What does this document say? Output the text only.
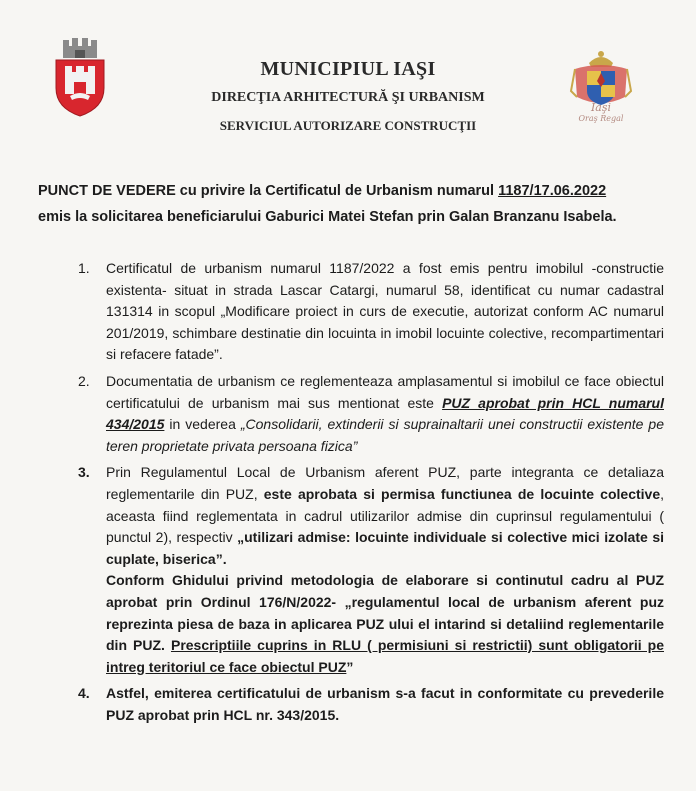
MUNICIPIUL IAŞI
DIRECŢIA ARHITECTURĂ ŞI URBANISM
SERVICIUL AUTORIZARE CONSTRUCŢII
Iaşi
Oraş Regal
PUNCT DE VEDERE cu privire la Certificatul de Urbanism numarul 1187/17.06.2022
emis la solicitarea beneficiarului Gaburici Matei Stefan prin Galan Branzanu Isabela.
1. Certificatul de urbanism numarul 1187/2022 a fost emis pentru imobilul -constructie existenta- situat in strada Lascar Catargi, numarul 58, identificat cu numar cadastral 131314 in scopul „Modificare proiect in curs de executie, autorizat conform AC numarul 201/2019, schimbare destinatie din locuinta in imobil locuinte colective, recompartimentari si refacere fatade”.

2. Documentatia de urbanism ce reglementeaza amplasamentul si imobilul ce face obiectul certificatului de urbanism mai sus mentionat este PUZ aprobat prin HCL numarul 434/2015 in vederea „Consolidarii, extinderii si suprainaltarii unei constructii existente pe teren proprietate privata persoana fizica”

3. Prin Regulamentul Local de Urbanism aferent PUZ, parte integranta ce detaliaza reglementarile din PUZ, este aprobata si permisa functiunea de locuinte colective, aceasta fiind reglementata in cadrul utilizarilor admise din cuprinsul regulamentului ( punctul 2), respectiv „utilizari admise: locuinte individuale si colective mici izolate si cuplate, biserica”.

Conform Ghidului privind metodologia de elaborare si continutul cadru al PUZ aprobat prin Ordinul 176/N/2022- „regulamentul local de urbanism aferent puz reprezinta piesa de baza in aplicarea PUZ ului el intarind si detaliind reglementarile din PUZ. Prescriptiile cuprins in RLU ( permisiuni si restrictii) sunt obligatorii pe intreg teritoriul ce face obiectul PUZ”

4. Astfel, emiterea certificatului de urbanism s-a facut in conformitate cu prevederile PUZ aprobat prin HCL nr. 343/2015.
